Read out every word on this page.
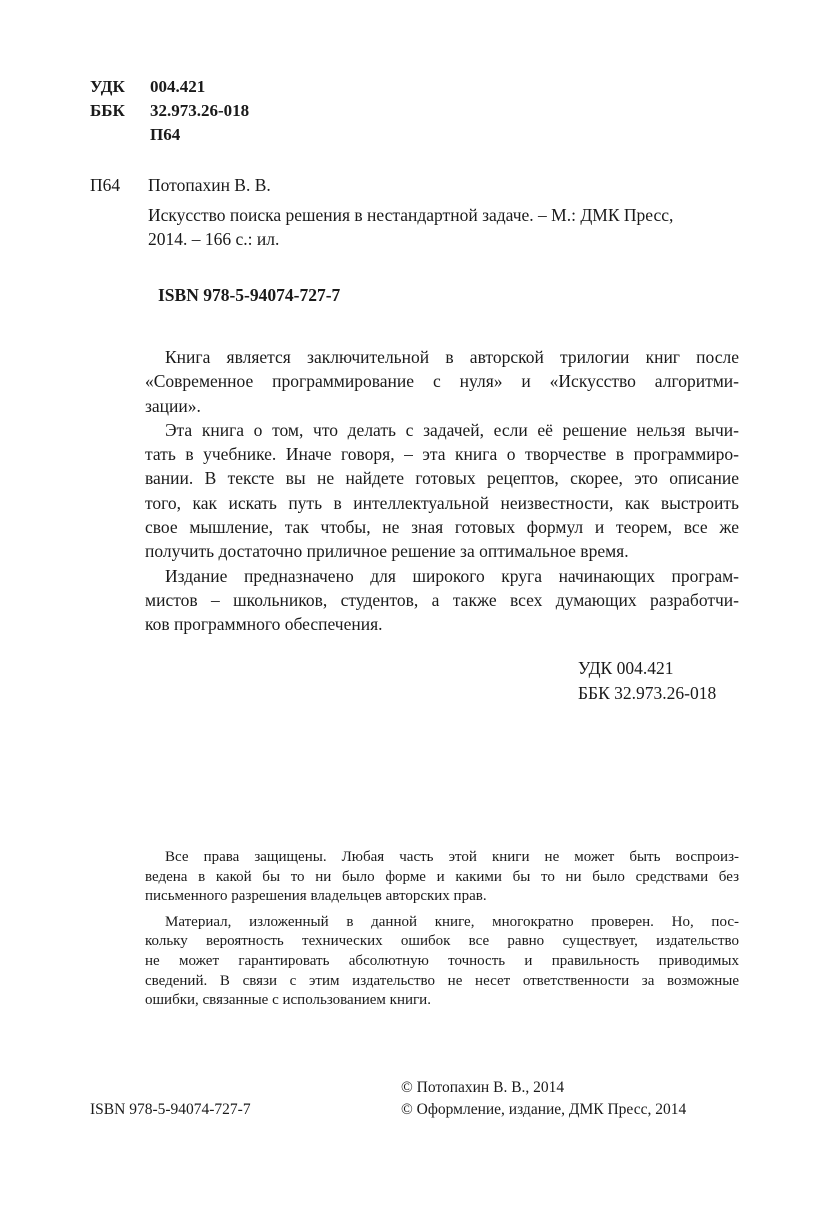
УДК 004.421
ББК 32.973.26-018
П64
П64 Потопахин В. В.
Искусство поиска решения в нестандартной задаче. – М.: ДМК Пресс,
2014. – 166 с.: ил.
ISBN 978-5-94074-727-7

Книга является заключительной в авторской трилогии книг после
«Современное программирование с нуля» и «Искусство алгоритми-
зации».

Эта книга о том, что делать с задачей, если её решение нельзя вычи-
тать в учебнике. Иначе говоря, – эта книга о творчестве в программиро-
вании. В тексте вы не найдете готовых рецептов, скорее, это описание
того, как искать путь в интеллектуальной неизвестности, как выстроить
свое мышление, так чтобы, не зная готовых формул и теорем, все же
получить достаточно приличное решение за оптимальное время.

Издание предназначено для широкого круга начинающих програм-
мистов – школьников, студентов, а также всех думающих разработчи-
ков программного обеспечения.

УДК 004.421
ББК 32.973.26-018
Все права защищены. Любая часть этой книги не может быть воспроиз-
ведена в какой бы то ни было форме и какими бы то ни было средствами без
письменного разрешения владельцев авторских прав.
Материал, изложенный в данной книге, многократно проверен. Но, пос-
кольку вероятность технических ошибок все равно существует, издательство
не может гарантировать абсолютную точность и правильность приводимых
сведений. В связи с этим издательство не несет ответственности за возможные
ошибки, связанные с использованием книги.
© Потопахин В. В., 2014
ISBN 978-5-94074-727-7	© Оформление, издание, ДМК Пресс, 2014
